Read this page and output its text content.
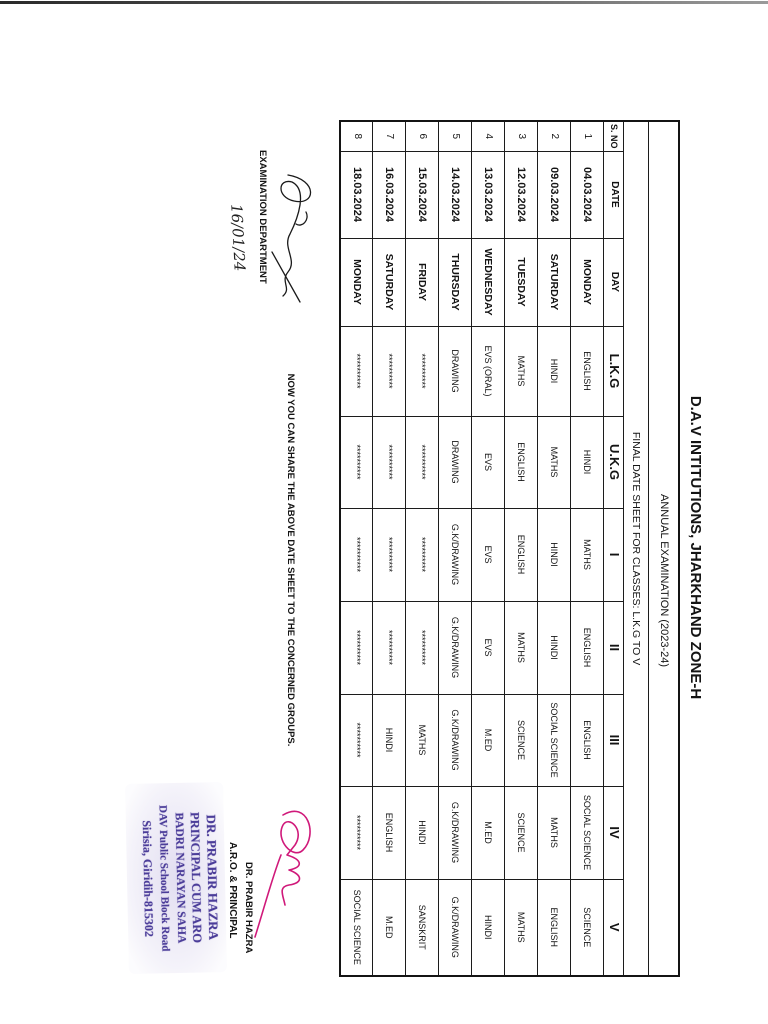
D.A.V INTITUTIONS, JHARKHAND ZONE-H
ANNUAL EXAMINATION (2023-24)									
FINAL DATE SHEET FOR CLASSES: L.K.G TO V									
S. NO	DATE	DAY	L.K.G	U.K.G	I	II	III	IV	V
1	04.03.2024	MONDAY	ENGLISH	HINDI	MATHS	ENGLISH	ENGLISH	SOCIAL SCIENCE	SCIENCE
2	09.03.2024	SATURDAY	HINDI	MATHS	HINDI	HINDI	SOCIAL SCIENCE	MATHS	ENGLISH
3	12.03.2024	TUESDAY	MATHS	ENGLISH	ENGLISH	MATHS	SCIENCE	SCIENCE	MATHS
4	13.03.2024	WEDNESDAY	EVS (ORAL)	EVS	EVS	EVS	M.ED	M.ED	HINDI
5	14.03.2024	THURSDAY	DRAWING	DRAWING	G.K/DRAWING	G.K/DRAWING	G.K/DRAWING	G.K/DRAWING	G.K/DRAWING
6	15.03.2024	FRIDAY	**********	**********	**********	**********	MATHS	HINDI	SANSKRIT
7	16.03.2024	SATURDAY	**********	**********	**********	**********	HINDI	ENGLISH	M.ED
8	18.03.2024	MONDAY	**********	**********	**********	**********	**********	**********	SOCIAL SCIENCE
NOW YOU CAN SHARE THE ABOVE DATE SHEET TO THE CONCERNED GROUPS.
EXAMINATION DEPARTMENT
16/01/24
DR. PRABIR HAZRA
A.R.O. & PRINCIPAL
DR. PRABIR HAZRA
PRINCIPAL CUM ARO
BADRI NARAYAN SAHA
DAV Public School Block Road
Sirisia, Giridih-815302
